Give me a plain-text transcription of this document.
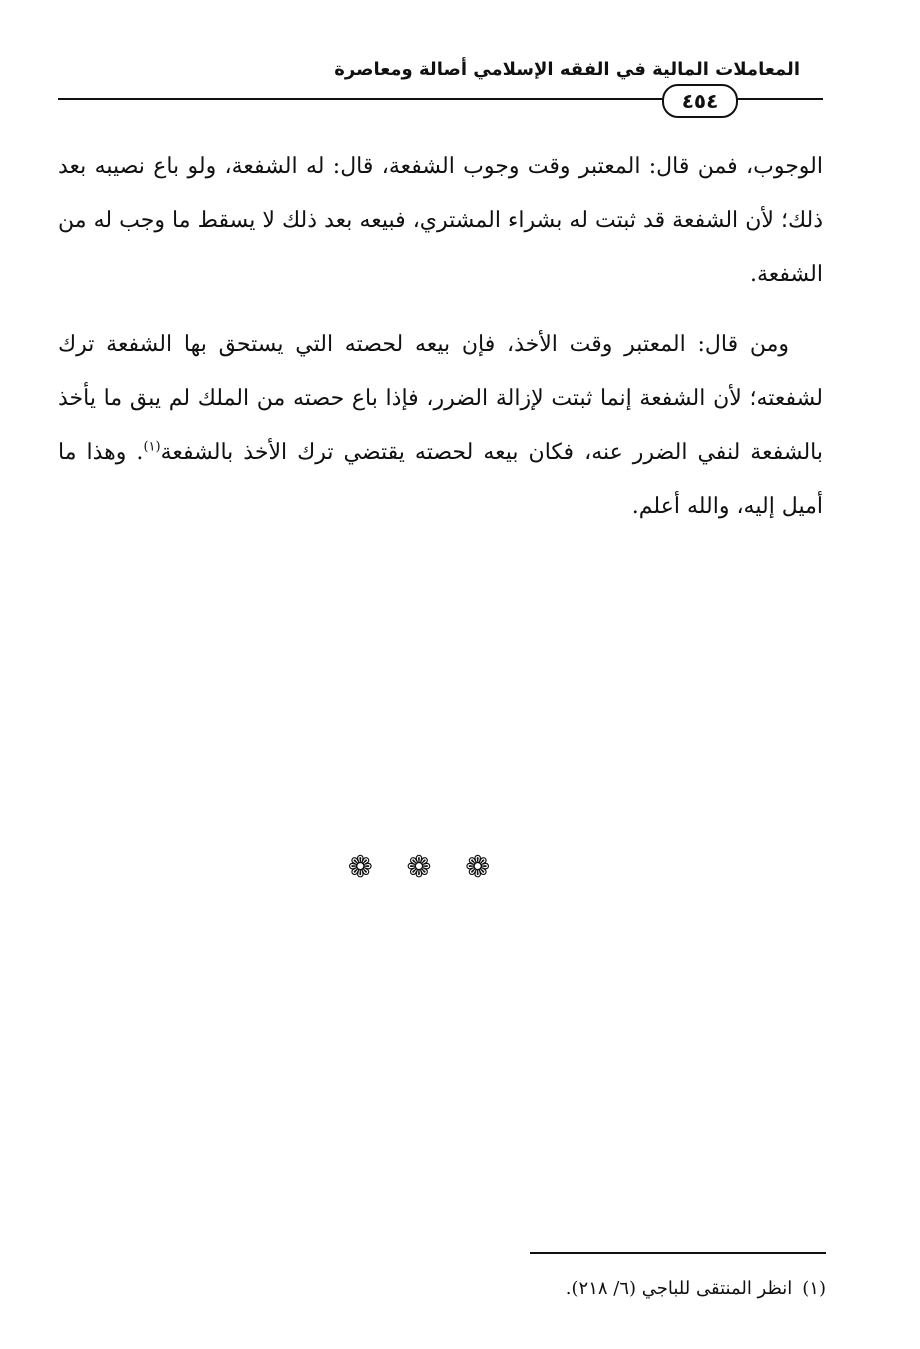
المعاملات المالية في الفقه الإسلامي أصالة ومعاصرة
٤٥٤

الوجوب، فمن قال: المعتبر وقت وجوب الشفعة، قال: له الشفعة، ولو باع نصيبه بعد ذلك؛ لأن الشفعة قد ثبتت له بشراء المشتري، فبيعه بعد ذلك لا يسقط ما وجب له من الشفعة.

ومن قال: المعتبر وقت الأخذ، فإن بيعه لحصته التي يستحق بها الشفعة ترك لشفعته؛ لأن الشفعة إنما ثبتت لإزالة الضرر، فإذا باع حصته من الملك لم يبق ما يأخذ بالشفعة لنفي الضرر عنه، فكان بيعه لحصته يقتضي ترك الأخذ بالشفعة$^{(١)}$. وهذا ما أميل إليه، والله أعلم.

❁ ❁ ❁
(١)انظر المنتقى للباجي (٦/ ٢١٨).
